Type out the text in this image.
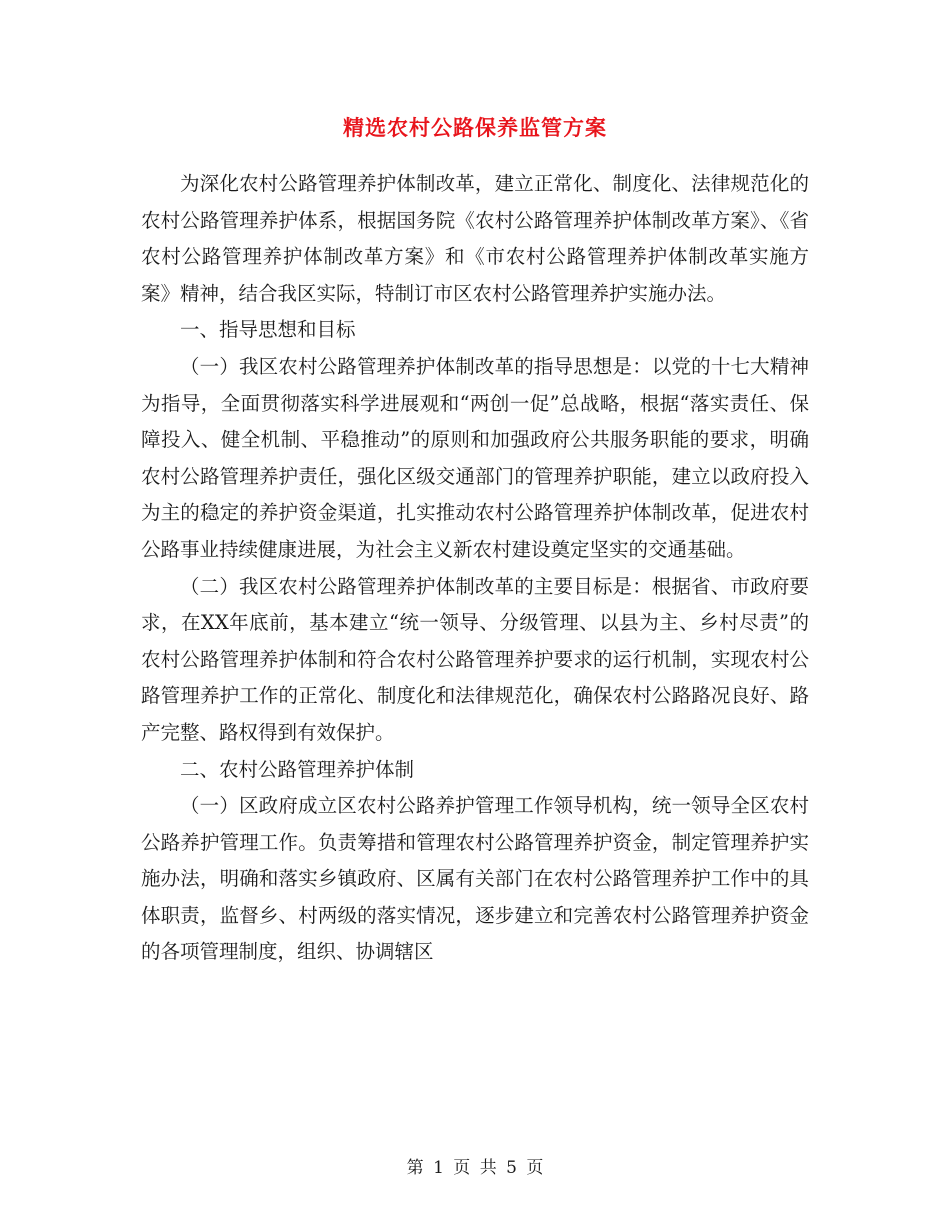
精选农村公路保养监管方案

为深化农村公路管理养护体制改革，建立正常化、制度化、法律规范化的农村公路管理养护体系，根据国务院《农村公路管理养护体制改革方案》、《省农村公路管理养护体制改革方案》和《市农村公路管理养护体制改革实施方案》精神，结合我区实际，特制订市区农村公路管理养护实施办法。

一、指导思想和目标

（一）我区农村公路管理养护体制改革的指导思想是：以党的十七大精神为指导，全面贯彻落实科学进展观和“两创一促”总战略，根据“落实责任、保障投入、健全机制、平稳推动”的原则和加强政府公共服务职能的要求，明确农村公路管理养护责任，强化区级交通部门的管理养护职能，建立以政府投入为主的稳定的养护资金渠道，扎实推动农村公路管理养护体制改革，促进农村公路事业持续健康进展，为社会主义新农村建设奠定坚实的交通基础。

（二）我区农村公路管理养护体制改革的主要目标是：根据省、市政府要求，在XX年底前，基本建立“统一领导、分级管理、以县为主、乡村尽责”的农村公路管理养护体制和符合农村公路管理养护要求的运行机制，实现农村公路管理养护工作的正常化、制度化和法律规范化，确保农村公路路况良好、路产完整、路权得到有效保护。

二、农村公路管理养护体制

（一）区政府成立区农村公路养护管理工作领导机构，统一领导全区农村公路养护管理工作。负责筹措和管理农村公路管理养护资金，制定管理养护实施办法，明确和落实乡镇政府、区属有关部门在农村公路管理养护工作中的具体职责，监督乡、村两级的落实情况，逐步建立和完善农村公路管理养护资金的各项管理制度，组织、协调辖区

第 1 页 共 5 页
